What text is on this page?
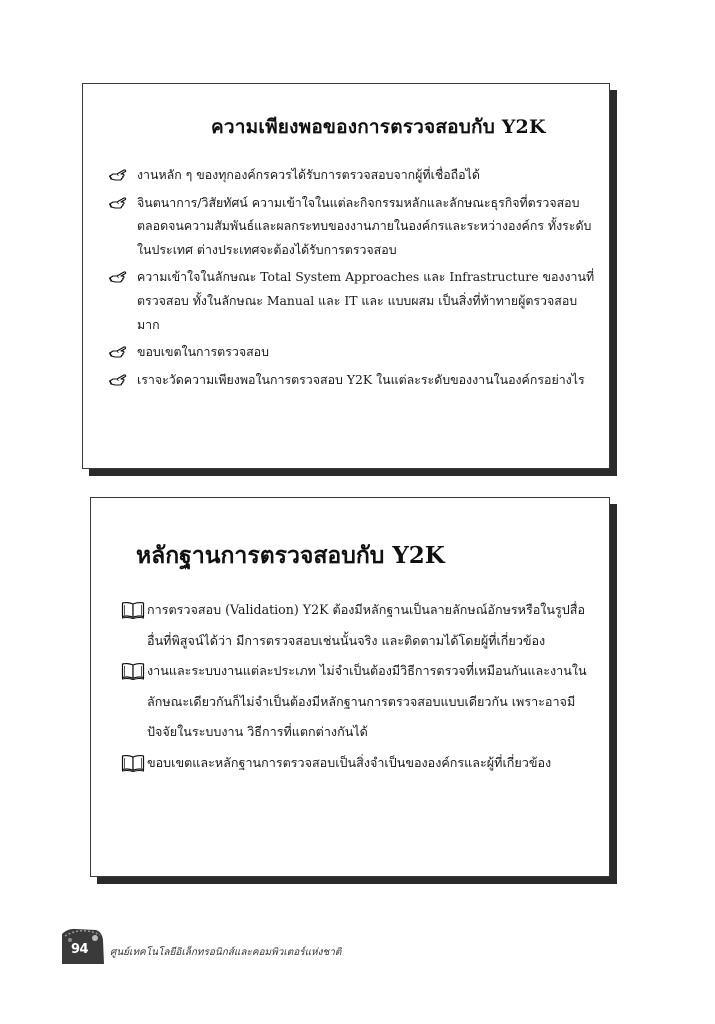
ความเพียงพอของการตรวจสอบกับ Y2K
งานหลัก ๆ ของทุกองค์กรควรได้รับการตรวจสอบจากผู้ที่เชื่อถือได้
จินตนาการ/วิสัยทัศน์ ความเข้าใจในแต่ละกิจกรรมหลักและลักษณะธุรกิจที่ตรวจสอบ ตลอดจนความสัมพันธ์และผลกระทบของงานภายในองค์กรและระหว่างองค์กร ทั้งระดับในประเทศ ต่างประเทศจะต้องได้รับการตรวจสอบ
ความเข้าใจในลักษณะ Total System Approaches และ Infrastructure ของงานที่ตรวจสอบ ทั้งในลักษณะ Manual และ IT และ แบบผสม เป็นสิ่งที่ท้าทายผู้ตรวจสอบมาก
ขอบเขตในการตรวจสอบ
เราจะวัดความเพียงพอในการตรวจสอบ Y2K ในแต่ละระดับของงานในองค์กรอย่างไร
หลักฐานการตรวจสอบกับ Y2K
การตรวจสอบ (Validation) Y2K ต้องมีหลักฐานเป็นลายลักษณ์อักษรหรือในรูปสื่ออื่นที่พิสูจน์ได้ว่า มีการตรวจสอบเช่นนั้นจริง และติดตามได้โดยผู้ที่เกี่ยวข้อง
งานและระบบงานแต่ละประเภท ไม่จำเป็นต้องมีวิธีการตรวจที่เหมือนกันและงานในลักษณะเดียวกันก็ไม่จำเป็นต้องมีหลักฐานการตรวจสอบแบบเดียวกัน เพราะอาจมีปัจจัยในระบบงาน วิธีการที่แตกต่างกันได้
ขอบเขตและหลักฐานการตรวจสอบเป็นสิ่งจำเป็นขององค์กรและผู้ที่เกี่ยวข้อง
94 ศูนย์เทคโนโลยีอิเล็กทรอนิกส์และคอมพิวเตอร์แห่งชาติ
